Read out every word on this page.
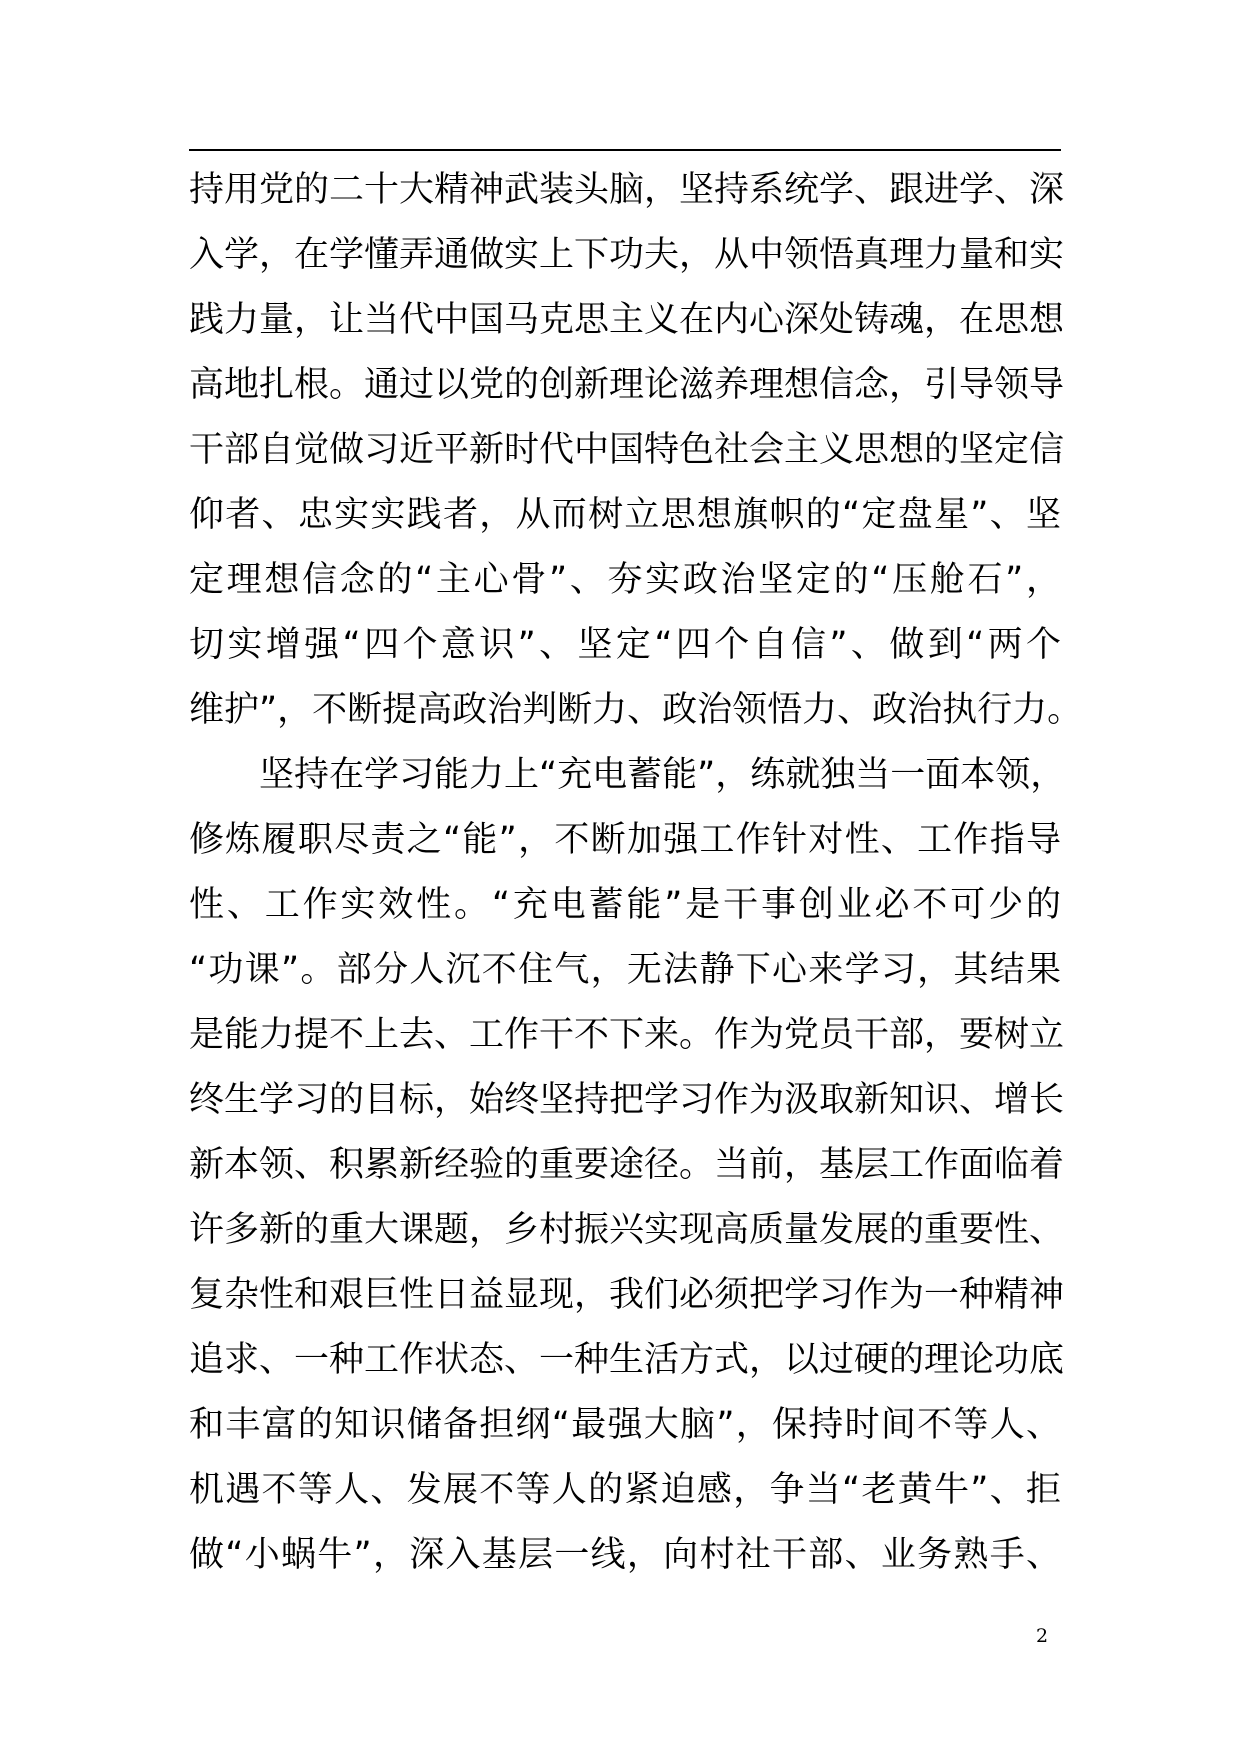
持用党的二十大精神武装头脑，坚持系统学、跟进学、深
入学，在学懂弄通做实上下功夫，从中领悟真理力量和实
践力量，让当代中国马克思主义在内心深处铸魂，在思想
高地扎根。通过以党的创新理论滋养理想信念，引导领导
干部自觉做习近平新时代中国特色社会主义思想的坚定信
仰者、忠实实践者，从而树立思想旗帜的“定盘星”、坚
定理想信念的“主心骨”、夯实政治坚定的“压舱石”，
切实增强“四个意识”、坚定“四个自信”、做到“两个
维护”，不断提高政治判断力、政治领悟力、政治执行力。
坚持在学习能力上“充电蓄能”，练就独当一面本领，
修炼履职尽责之“能”，不断加强工作针对性、工作指导
性、工作实效性。“充电蓄能”是干事创业必不可少的
“功课”。部分人沉不住气，无法静下心来学习，其结果
是能力提不上去、工作干不下来。作为党员干部，要树立
终生学习的目标，始终坚持把学习作为汲取新知识、增长
新本领、积累新经验的重要途径。当前，基层工作面临着
许多新的重大课题，乡村振兴实现高质量发展的重要性、
复杂性和艰巨性日益显现，我们必须把学习作为一种精神
追求、一种工作状态、一种生活方式，以过硬的理论功底
和丰富的知识储备担纲“最强大脑”，保持时间不等人、
机遇不等人、发展不等人的紧迫感，争当“老黄牛”、拒
做“小蜗牛”，深入基层一线，向村社干部、业务熟手、
2
